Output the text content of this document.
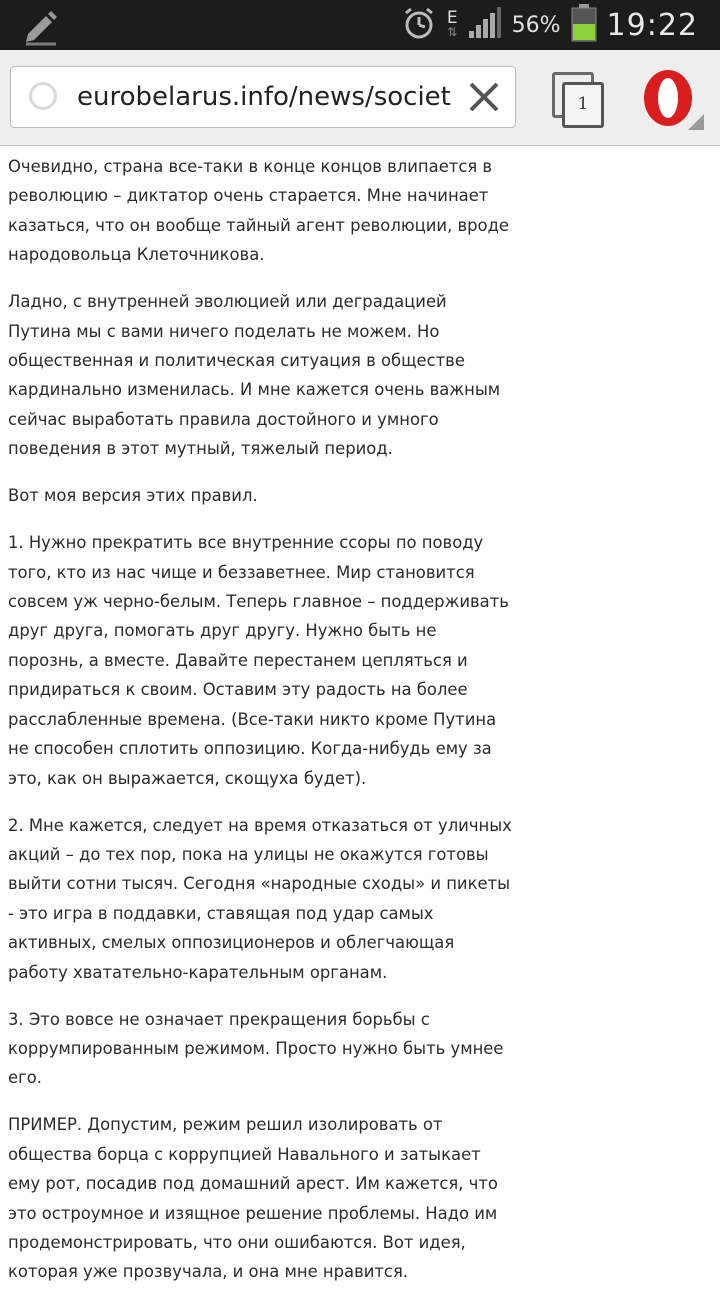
E
⇅ 56% 19:22
eurobelarus.info/news/societ	1

Очевидно, страна все-таки в конце концов влипается в революцию – диктатор очень старается. Мне начинает казаться, что он вообще тайный агент революции, вроде народовольца Клеточникова.

Ладно, с внутренней эволюцией или деградацией Путина мы с вами ничего поделать не можем. Но общественная и политическая ситуация в обществе кардинально изменилась. И мне кажется очень важным сейчас выработать правила достойного и умного поведения в этот мутный, тяжелый период.

Вот моя версия этих правил.

1. Нужно прекратить все внутренние ссоры по поводу того, кто из нас чище и беззаветнее. Мир становится совсем уж черно-белым. Теперь главное – поддерживать друг друга, помогать друг другу. Нужно быть не порознь, а вместе. Давайте перестанем цепляться и придираться к своим. Оставим эту радость на более расслабленные времена. (Все-таки никто кроме Путина не способен сплотить оппозицию. Когда-нибудь ему за это, как он выражается, скощуха будет).

2. Мне кажется, следует на время отказаться от уличных акций – до тех пор, пока на улицы не окажутся готовы выйти сотни тысяч. Сегодня «народные сходы» и пикеты - это игра в поддавки, ставящая под удар самых активных, смелых оппозиционеров и облегчающая работу хватательно-карательным органам.

3. Это вовсе не означает прекращения борьбы с коррумпированным режимом. Просто нужно быть умнее его.

ПРИМЕР. Допустим, режим решил изолировать от общества борца с коррупцией Навального и затыкает ему рот, посадив под домашний арест. Им кажется, что это остроумное и изящное решение проблемы. Надо им продемонстрировать, что они ошибаются. Вот идея, которая уже прозвучала, и она мне нравится.
